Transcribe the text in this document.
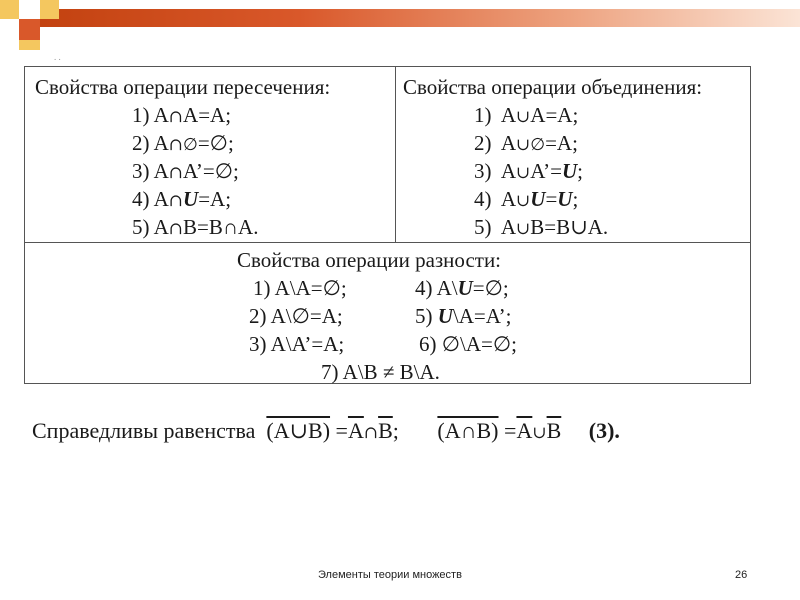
. .
Свойства операции пересечения:
1) A∩A=A;
2) A∩∅=∅;
3) A∩A’=∅;
4) A∩U=A;
5) A∩B=B∩A.
Свойства операции объединения:
1) A∪A=A;
2) A∪∅=A;
3) A∪A’=U;
4) A∪U=U;
5) A∪B=B∪A.
Свойства операции разности:
1) A\A=∅;	4) A\U=∅;
2) A\∅=A;	5) U\A=A’;
3) A\A’=A;	6) ∅\A=∅;
7) A\B ≠ B\A.
Справедливы равенства (A∪B) $=\overline{A}\cap\overline{B}$; (A∩B) $=\overline{A}\cup\overline{B}$ (3).
Элементы теории множеств	26
